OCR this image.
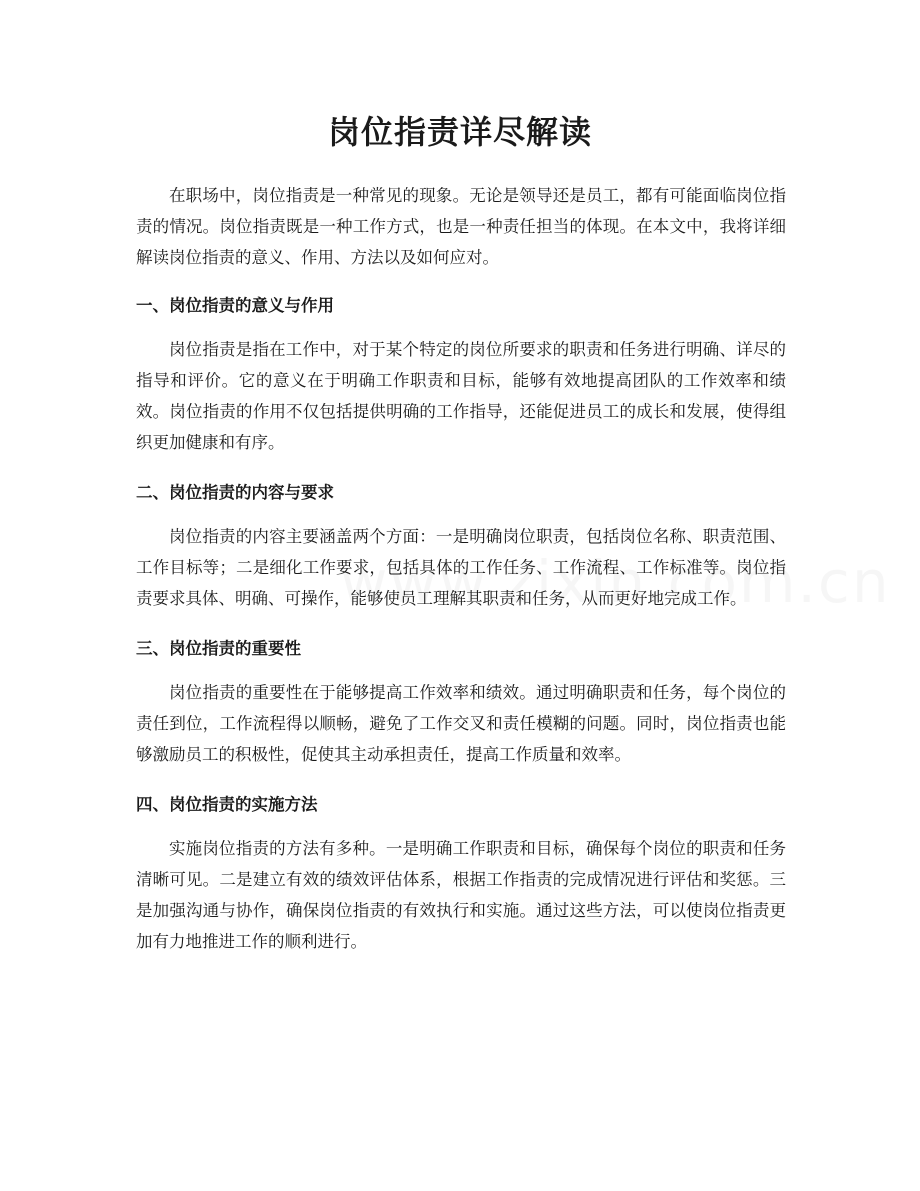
岗位指责详尽解读

在职场中，岗位指责是一种常见的现象。无论是领导还是员工，都有可能面临岗位指责的情况。岗位指责既是一种工作方式，也是一种责任担当的体现。在本文中，我将详细解读岗位指责的意义、作用、方法以及如何应对。

一、岗位指责的意义与作用

岗位指责是指在工作中，对于某个特定的岗位所要求的职责和任务进行明确、详尽的指导和评价。它的意义在于明确工作职责和目标，能够有效地提高团队的工作效率和绩效。岗位指责的作用不仅包括提供明确的工作指导，还能促进员工的成长和发展，使得组织更加健康和有序。

二、岗位指责的内容与要求

岗位指责的内容主要涵盖两个方面：一是明确岗位职责，包括岗位名称、职责范围、工作目标等；二是细化工作要求，包括具体的工作任务、工作流程、工作标准等。岗位指责要求具体、明确、可操作，能够使员工理解其职责和任务，从而更好地完成工作。

三、岗位指责的重要性

岗位指责的重要性在于能够提高工作效率和绩效。通过明确职责和任务，每个岗位的责任到位，工作流程得以顺畅，避免了工作交叉和责任模糊的问题。同时，岗位指责也能够激励员工的积极性，促使其主动承担责任，提高工作质量和效率。

四、岗位指责的实施方法

实施岗位指责的方法有多种。一是明确工作职责和目标，确保每个岗位的职责和任务清晰可见。二是建立有效的绩效评估体系，根据工作指责的完成情况进行评估和奖惩。三是加强沟通与协作，确保岗位指责的有效执行和实施。通过这些方法，可以使岗位指责更加有力地推进工作的顺利进行。
